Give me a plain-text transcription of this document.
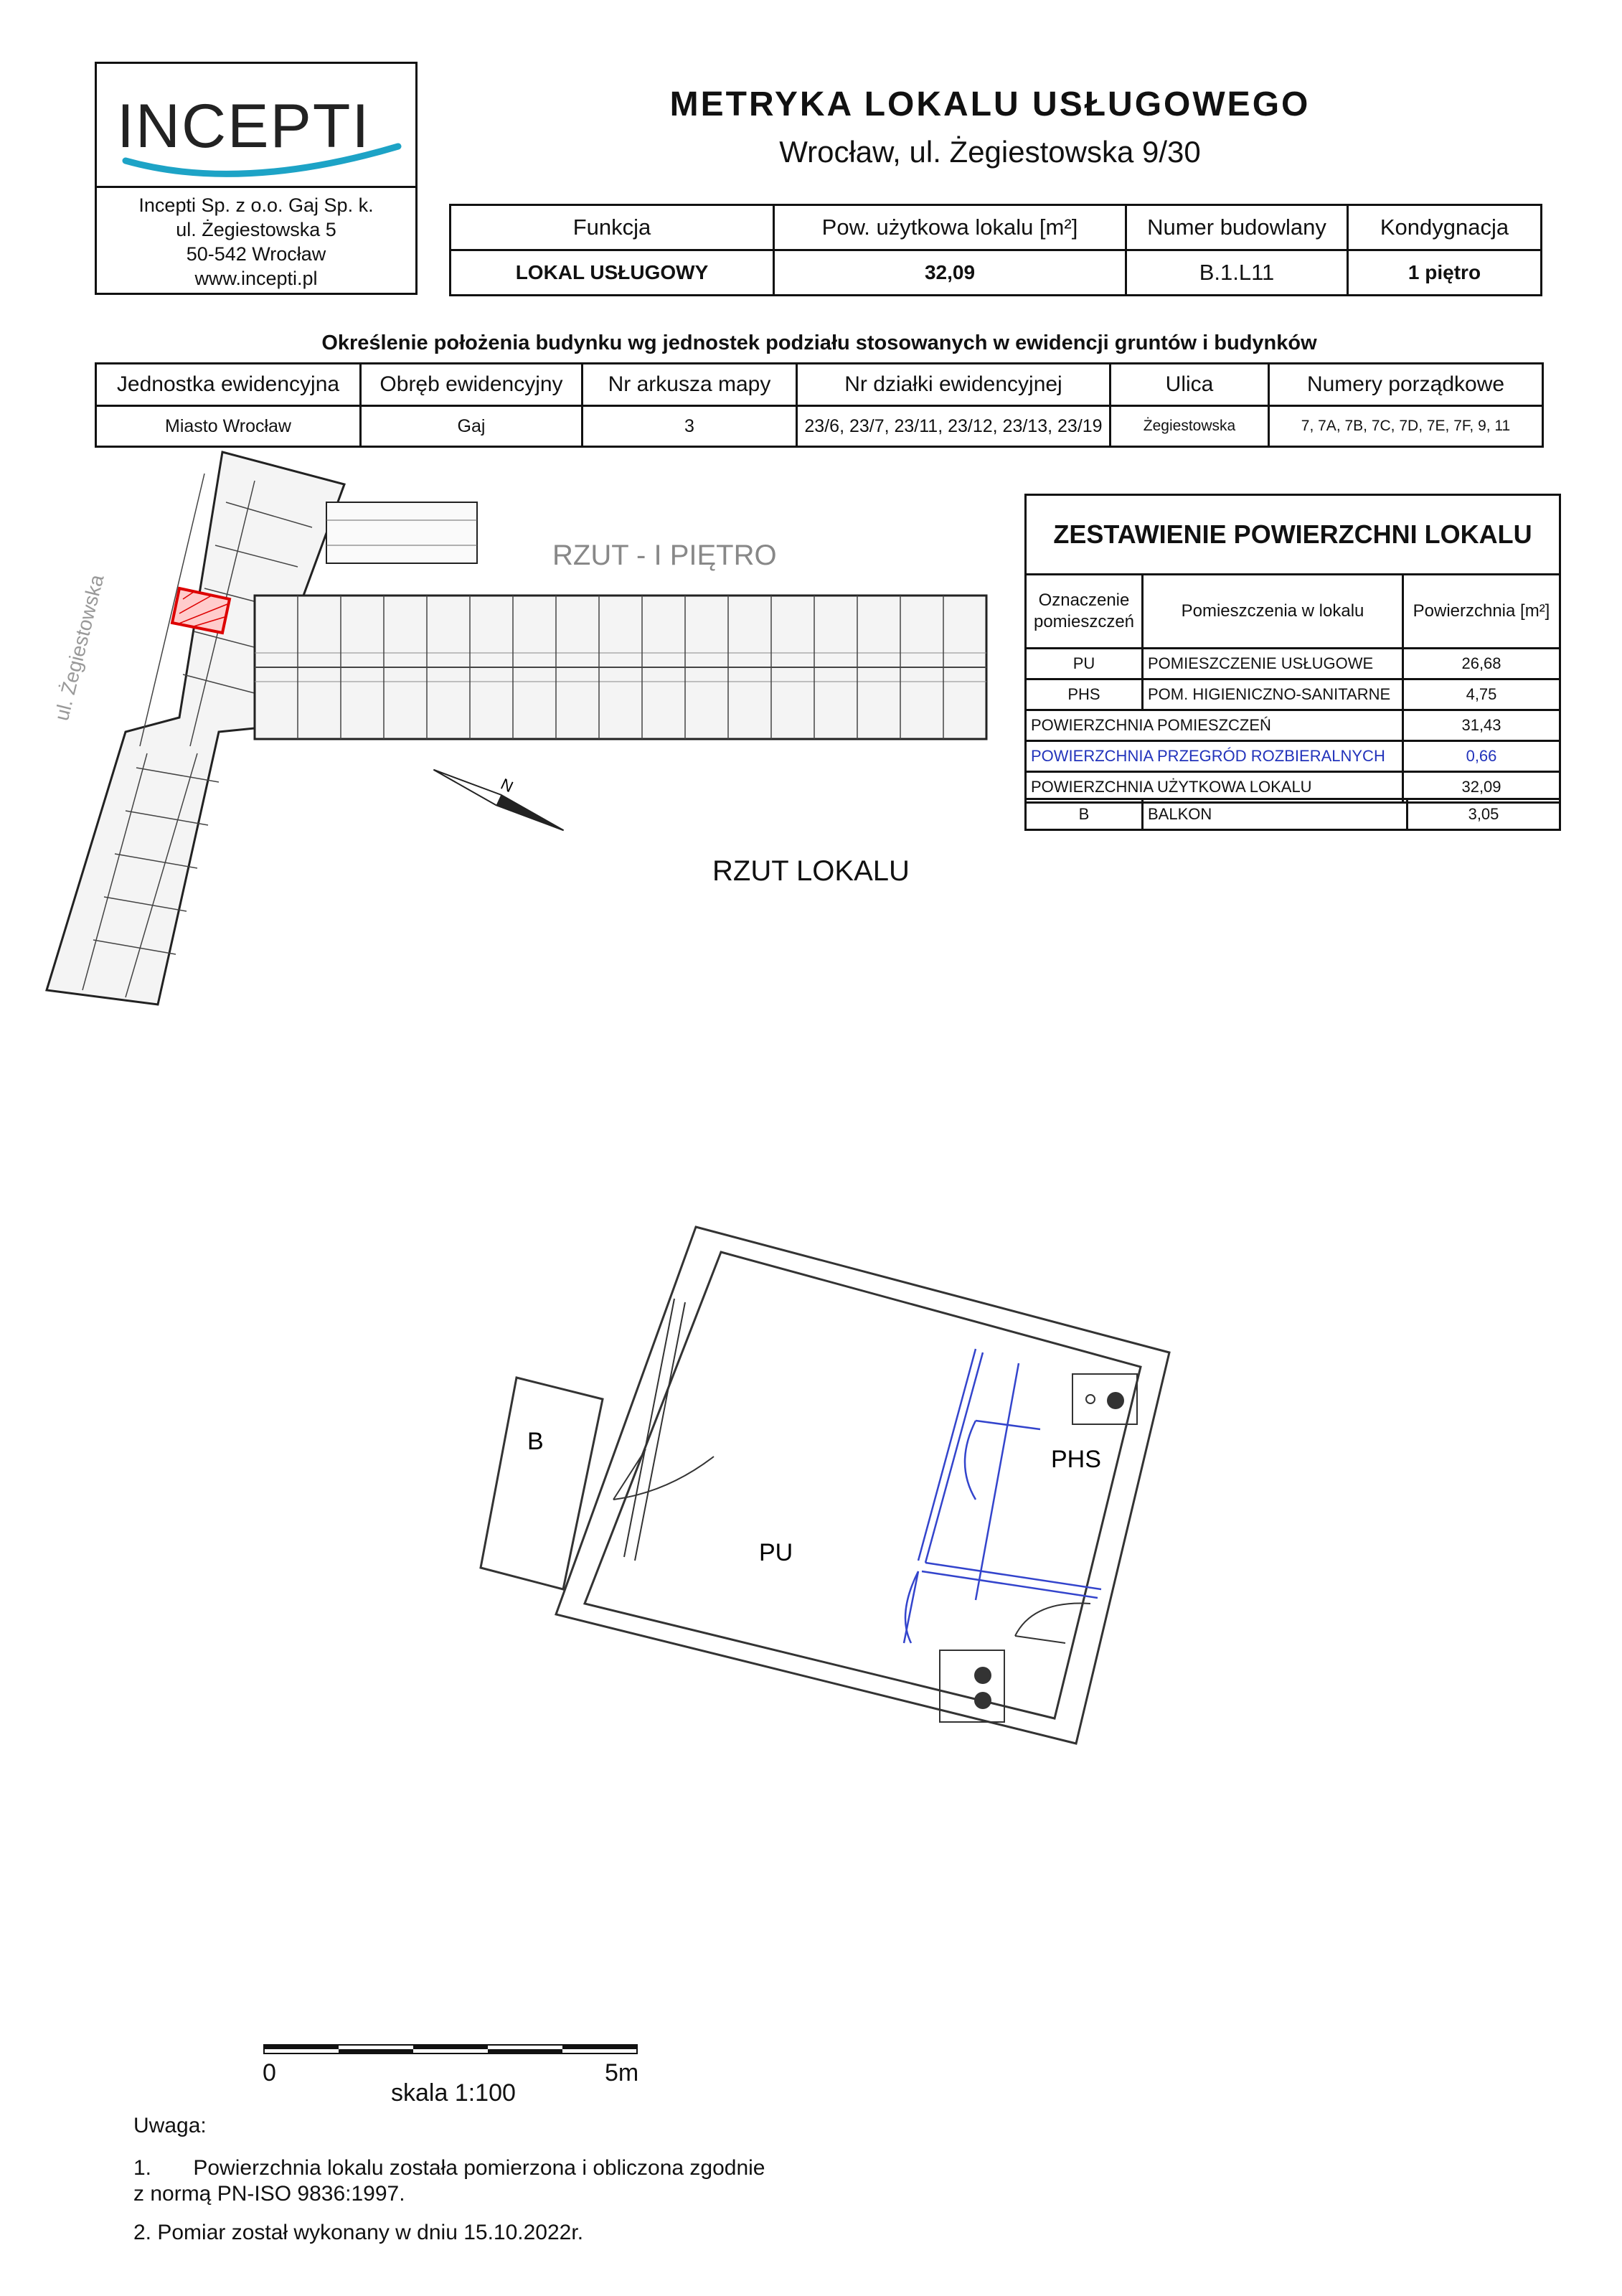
INCEPTI
Incepti Sp. z o.o. Gaj Sp. k.
ul. Żegiestowska 5
50-542 Wrocław
www.incepti.pl
METRYKA LOKALU USŁUGOWEGO
Wrocław, ul. Żegiestowska 9/30
Funkcja	Pow. użytkowa lokalu [m²]	Numer budowlany	Kondygnacja
LOKAL USŁUGOWY	32,09	B.1.L11	1 piętro
Określenie położenia budynku wg jednostek podziału stosowanych w ewidencji gruntów i budynków
Jednostka ewidencyjna	Obręb ewidencyjny	Nr arkusza mapy	Nr działki ewidencyjnej	Ulica	Numery porządkowe
Miasto Wrocław	Gaj	3	23/6, 23/7, 23/11, 23/12, 23/13, 23/19	Żegiestowska	7, 7A, 7B, 7C, 7D, 7E, 7F, 9, 11
ZESTAWIENIE POWIERZCHNI LOKALU		
Oznaczenie pomieszczeń	Pomieszczenia w lokalu	Powierzchnia [m²]
PU	POMIESZCZENIE USŁUGOWE	26,68
PHS	POM. HIGIENICZNO-SANITARNE	4,75
POWIERZCHNIA POMIESZCZEŃ		31,43
POWIERZCHNIA PRZEGRÓD ROZBIERALNYCH		0,66
POWIERZCHNIA UŻYTKOWA LOKALU		32,09
B	BALKON	3,05
N
RZUT - I PIĘTRO
ul. Żegiestowska
RZUT LOKALU
B
PU
PHS
0	5m
skala 1:100
Uwaga:
1.       Powierzchnia lokalu została pomierzona i obliczona zgodnie
z normą PN-ISO 9836:1997.
2. Pomiar został wykonany w dniu 15.10.2022r.
